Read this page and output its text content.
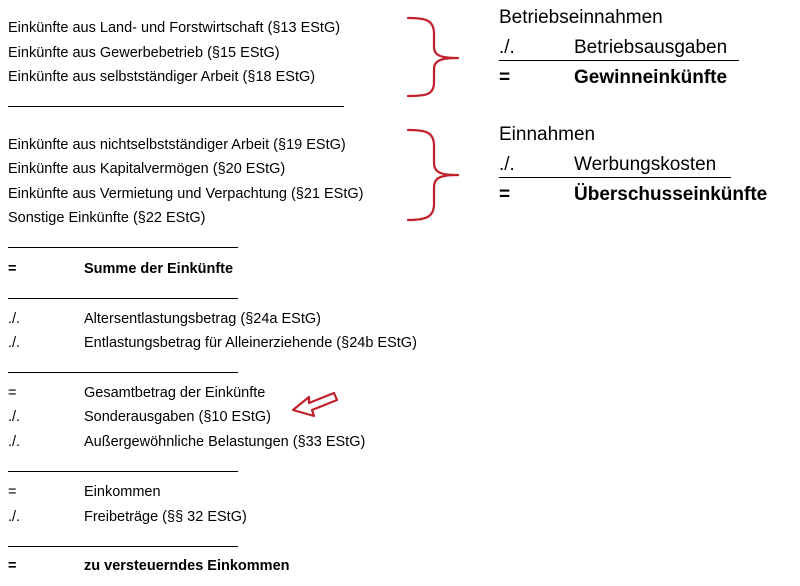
Einkünfte aus Land- und Forstwirtschaft (§13 EStG)
Einkünfte aus Gewerbebetrieb (§15 EStG)
Einkünfte aus selbstständiger Arbeit (§18 EStG)
Betriebseinnahmen
./.	Betriebsausgaben
=	Gewinneinkünfte
Einkünfte aus nichtselbstständiger Arbeit (§19 EStG)
Einkünfte aus Kapitalvermögen (§20 EStG)
Einkünfte aus Vermietung und Verpachtung (§21 EStG)
Sonstige Einkünfte (§22 EStG)
Einnahmen
./.	Werbungskosten
=	Überschusseinkünfte
=	Summe der Einkünfte
./.	Altersentlastungsbetrag (§24a EStG)
./.	Entlastungsbetrag für Alleinerziehende (§24b EStG)
=	Gesamtbetrag der Einkünfte
./.	Sonderausgaben (§10 EStG)
./.	Außergewöhnliche Belastungen (§33 EStG)
=	Einkommen
./.	Freibeträge (§§ 32 EStG)
=	zu versteuerndes Einkommen
